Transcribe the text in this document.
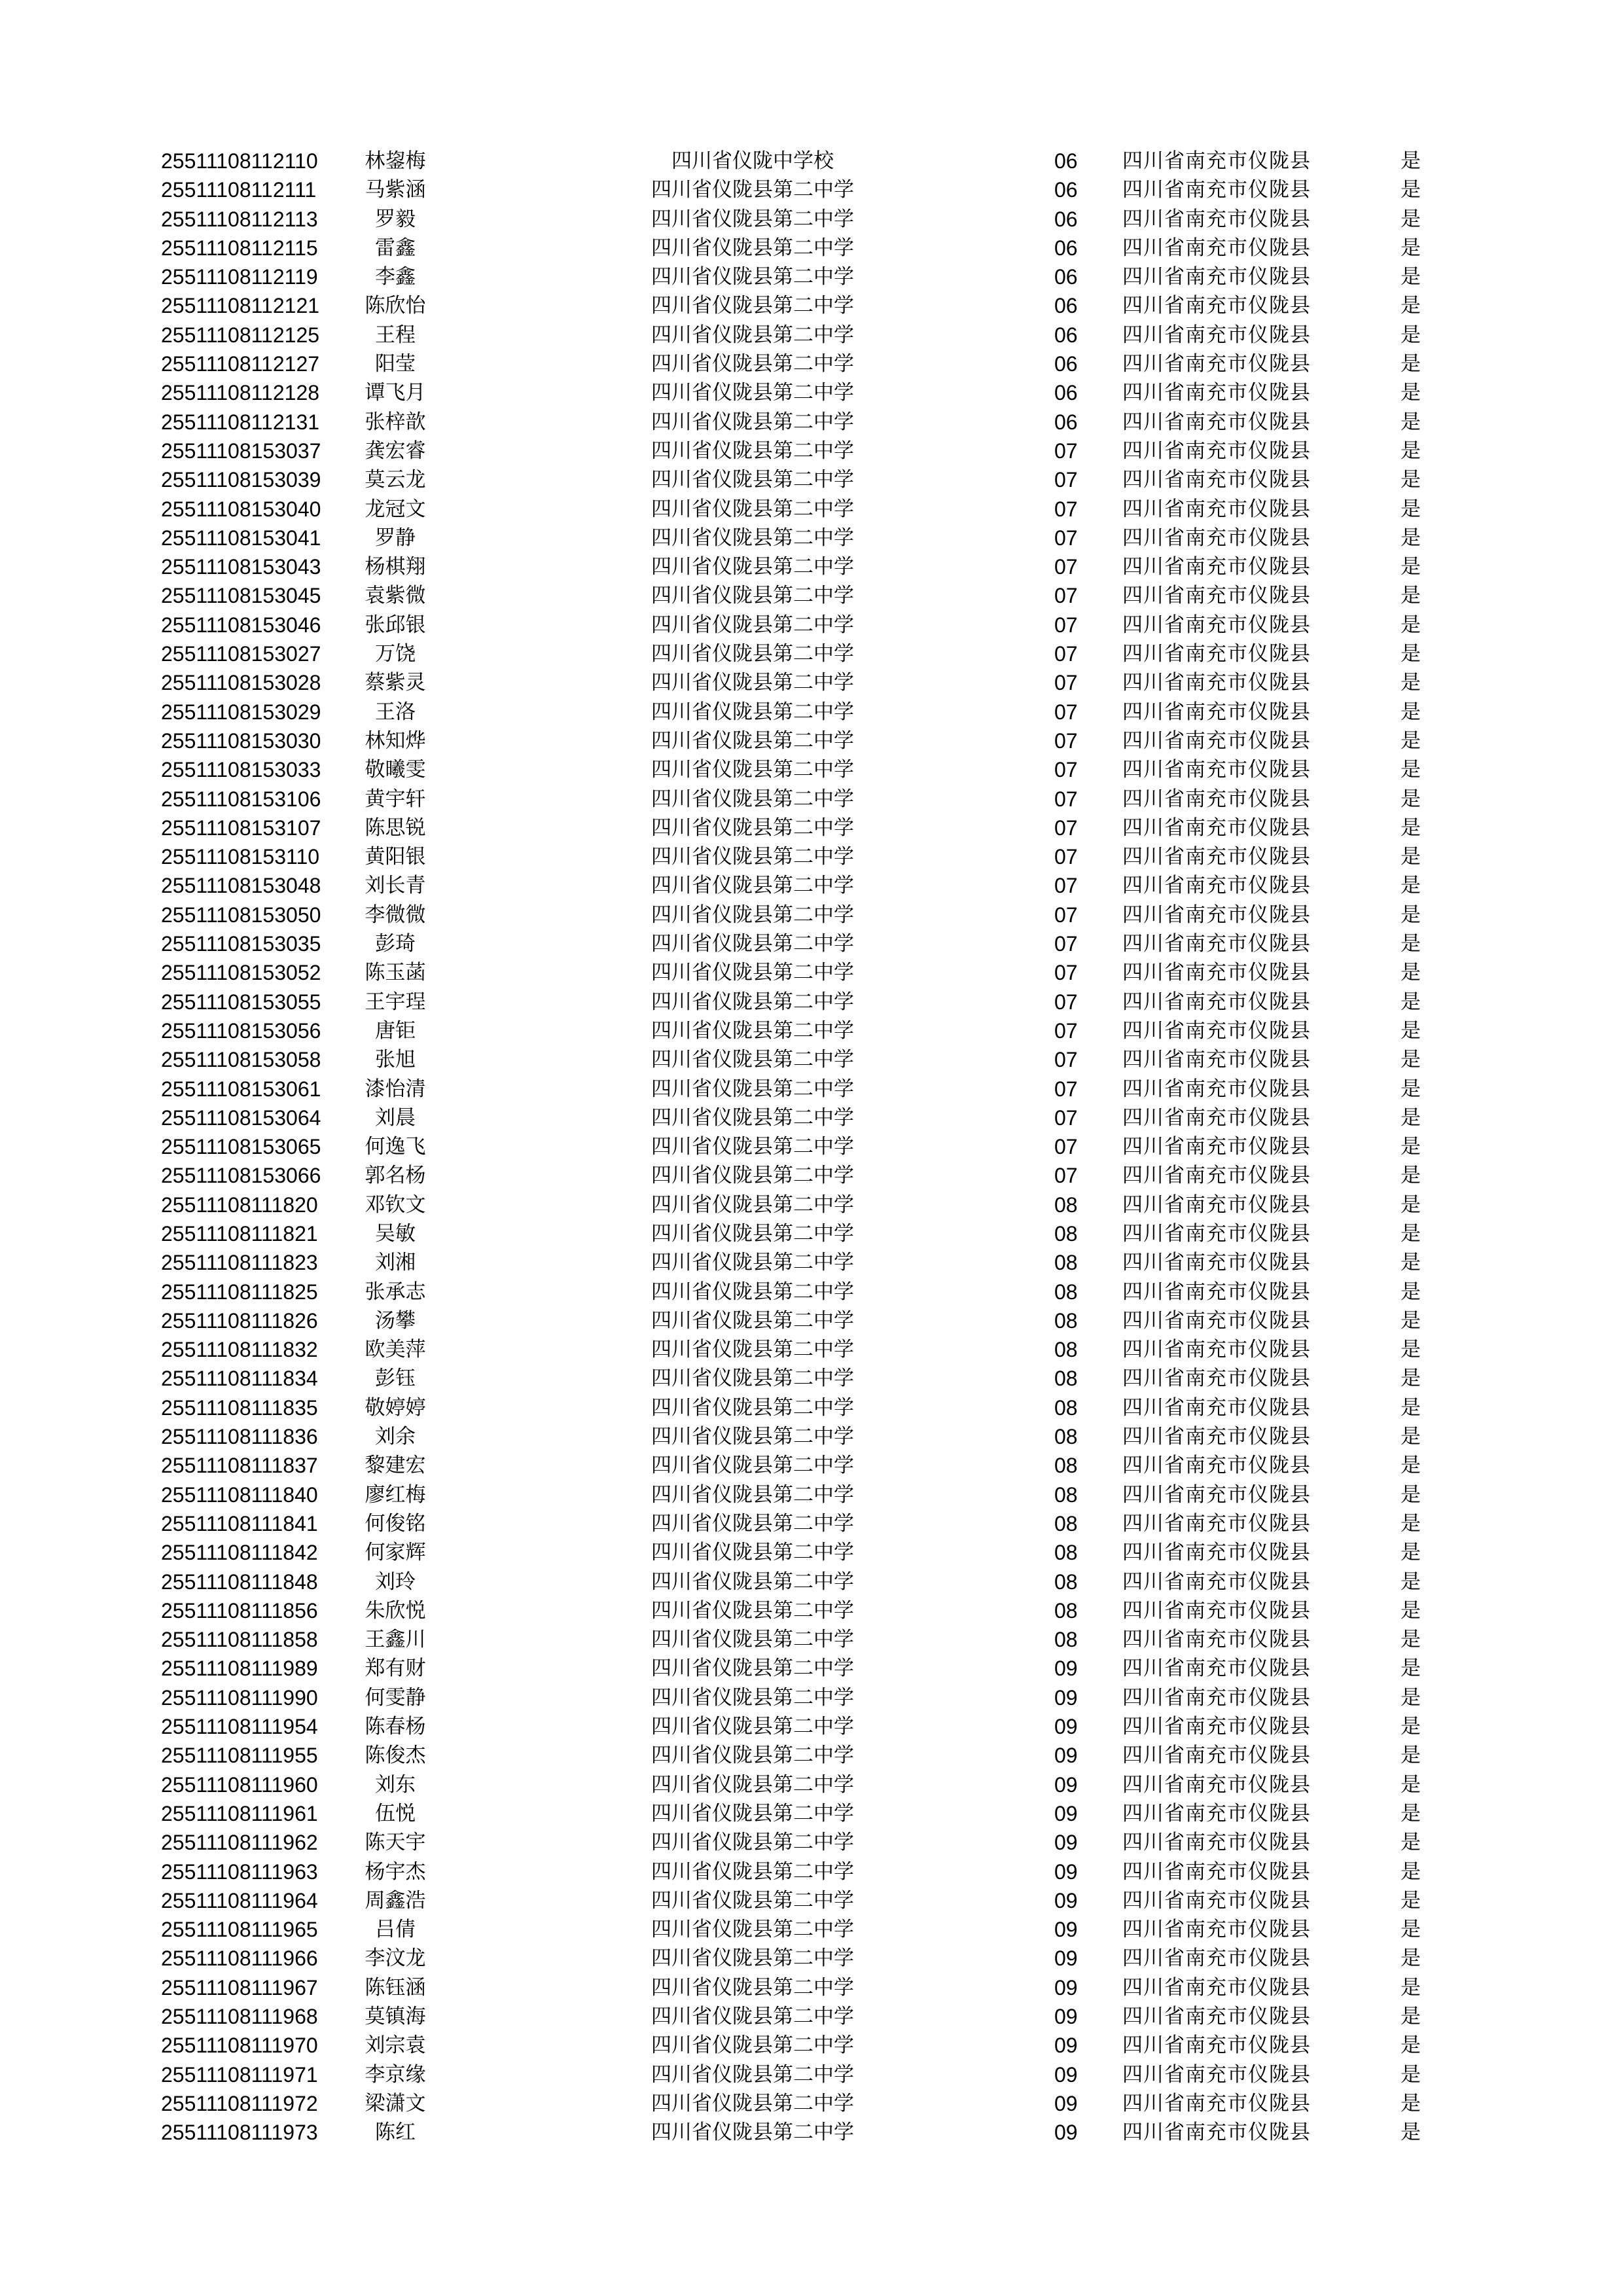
25511108112110	林鋆梅	四川省仪陇中学校	06 四川省南充市仪陇县	是
25511108112111	马紫涵	四川省仪陇县第二中学	06 四川省南充市仪陇县	是
25511108112113	罗毅	四川省仪陇县第二中学	06 四川省南充市仪陇县	是
25511108112115	雷鑫	四川省仪陇县第二中学	06 四川省南充市仪陇县	是
25511108112119	李鑫	四川省仪陇县第二中学	06 四川省南充市仪陇县	是
25511108112121	陈欣怡	四川省仪陇县第二中学	06 四川省南充市仪陇县	是
25511108112125	王程	四川省仪陇县第二中学	06 四川省南充市仪陇县	是
25511108112127	阳莹	四川省仪陇县第二中学	06 四川省南充市仪陇县	是
25511108112128	谭飞月	四川省仪陇县第二中学	06 四川省南充市仪陇县	是
25511108112131	张梓歆	四川省仪陇县第二中学	06 四川省南充市仪陇县	是
25511108153037	龚宏睿	四川省仪陇县第二中学	07 四川省南充市仪陇县	是
25511108153039	莫云龙	四川省仪陇县第二中学	07 四川省南充市仪陇县	是
25511108153040	龙冠文	四川省仪陇县第二中学	07 四川省南充市仪陇县	是
25511108153041	罗静	四川省仪陇县第二中学	07 四川省南充市仪陇县	是
25511108153043	杨棋翔	四川省仪陇县第二中学	07 四川省南充市仪陇县	是
25511108153045	袁紫微	四川省仪陇县第二中学	07 四川省南充市仪陇县	是
25511108153046	张邱银	四川省仪陇县第二中学	07 四川省南充市仪陇县	是
25511108153027	万饶	四川省仪陇县第二中学	07 四川省南充市仪陇县	是
25511108153028	蔡紫灵	四川省仪陇县第二中学	07 四川省南充市仪陇县	是
25511108153029	王洛	四川省仪陇县第二中学	07 四川省南充市仪陇县	是
25511108153030	林知烨	四川省仪陇县第二中学	07 四川省南充市仪陇县	是
25511108153033	敬曦雯	四川省仪陇县第二中学	07 四川省南充市仪陇县	是
25511108153106	黄宇轩	四川省仪陇县第二中学	07 四川省南充市仪陇县	是
25511108153107	陈思锐	四川省仪陇县第二中学	07 四川省南充市仪陇县	是
25511108153110	黄阳银	四川省仪陇县第二中学	07 四川省南充市仪陇县	是
25511108153048	刘长青	四川省仪陇县第二中学	07 四川省南充市仪陇县	是
25511108153050	李微微	四川省仪陇县第二中学	07 四川省南充市仪陇县	是
25511108153035	彭琦	四川省仪陇县第二中学	07 四川省南充市仪陇县	是
25511108153052	陈玉菡	四川省仪陇县第二中学	07 四川省南充市仪陇县	是
25511108153055	王宇珵	四川省仪陇县第二中学	07 四川省南充市仪陇县	是
25511108153056	唐钜	四川省仪陇县第二中学	07 四川省南充市仪陇县	是
25511108153058	张旭	四川省仪陇县第二中学	07 四川省南充市仪陇县	是
25511108153061	漆怡清	四川省仪陇县第二中学	07 四川省南充市仪陇县	是
25511108153064	刘晨	四川省仪陇县第二中学	07 四川省南充市仪陇县	是
25511108153065	何逸飞	四川省仪陇县第二中学	07 四川省南充市仪陇县	是
25511108153066	郭名杨	四川省仪陇县第二中学	07 四川省南充市仪陇县	是
25511108111820	邓钦文	四川省仪陇县第二中学	08 四川省南充市仪陇县	是
25511108111821	吴敏	四川省仪陇县第二中学	08 四川省南充市仪陇县	是
25511108111823	刘湘	四川省仪陇县第二中学	08 四川省南充市仪陇县	是
25511108111825	张承志	四川省仪陇县第二中学	08 四川省南充市仪陇县	是
25511108111826	汤攀	四川省仪陇县第二中学	08 四川省南充市仪陇县	是
25511108111832	欧美萍	四川省仪陇县第二中学	08 四川省南充市仪陇县	是
25511108111834	彭钰	四川省仪陇县第二中学	08 四川省南充市仪陇县	是
25511108111835	敬婷婷	四川省仪陇县第二中学	08 四川省南充市仪陇县	是
25511108111836	刘余	四川省仪陇县第二中学	08 四川省南充市仪陇县	是
25511108111837	黎建宏	四川省仪陇县第二中学	08 四川省南充市仪陇县	是
25511108111840	廖红梅	四川省仪陇县第二中学	08 四川省南充市仪陇县	是
25511108111841	何俊铭	四川省仪陇县第二中学	08 四川省南充市仪陇县	是
25511108111842	何家辉	四川省仪陇县第二中学	08 四川省南充市仪陇县	是
25511108111848	刘玲	四川省仪陇县第二中学	08 四川省南充市仪陇县	是
25511108111856	朱欣悦	四川省仪陇县第二中学	08 四川省南充市仪陇县	是
25511108111858	王鑫川	四川省仪陇县第二中学	08 四川省南充市仪陇县	是
25511108111989	郑有财	四川省仪陇县第二中学	09 四川省南充市仪陇县	是
25511108111990	何雯静	四川省仪陇县第二中学	09 四川省南充市仪陇县	是
25511108111954	陈春杨	四川省仪陇县第二中学	09 四川省南充市仪陇县	是
25511108111955	陈俊杰	四川省仪陇县第二中学	09 四川省南充市仪陇县	是
25511108111960	刘东	四川省仪陇县第二中学	09 四川省南充市仪陇县	是
25511108111961	伍悦	四川省仪陇县第二中学	09 四川省南充市仪陇县	是
25511108111962	陈天宇	四川省仪陇县第二中学	09 四川省南充市仪陇县	是
25511108111963	杨宇杰	四川省仪陇县第二中学	09 四川省南充市仪陇县	是
25511108111964	周鑫浩	四川省仪陇县第二中学	09 四川省南充市仪陇县	是
25511108111965	吕倩	四川省仪陇县第二中学	09 四川省南充市仪陇县	是
25511108111966	李汶龙	四川省仪陇县第二中学	09 四川省南充市仪陇县	是
25511108111967	陈钰涵	四川省仪陇县第二中学	09 四川省南充市仪陇县	是
25511108111968	莫镇海	四川省仪陇县第二中学	09 四川省南充市仪陇县	是
25511108111970	刘宗袁	四川省仪陇县第二中学	09 四川省南充市仪陇县	是
25511108111971	李京缘	四川省仪陇县第二中学	09 四川省南充市仪陇县	是
25511108111972	梁潇文	四川省仪陇县第二中学	09 四川省南充市仪陇县	是
25511108111973	陈红	四川省仪陇县第二中学	09 四川省南充市仪陇县	是
